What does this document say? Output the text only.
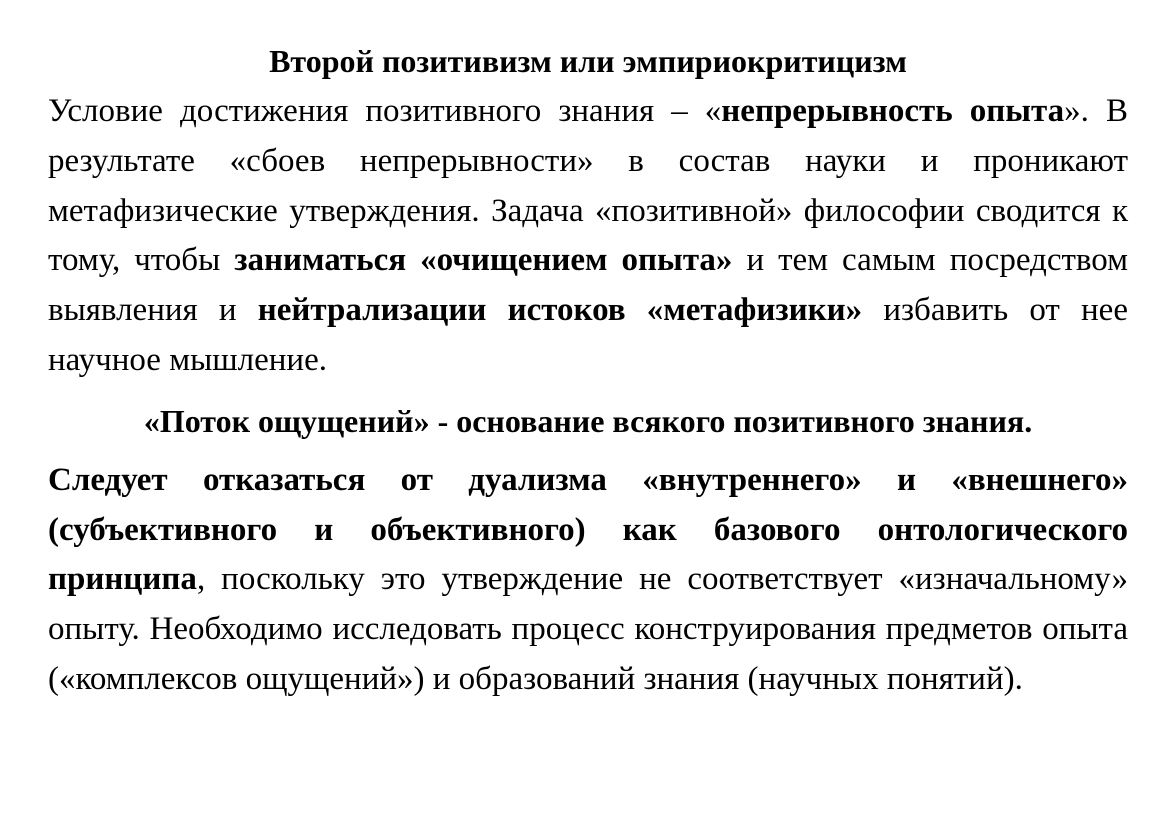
Второй позитивизм или эмпириокритицизм

Условие достижения позитивного знания – «непрерывность опыта». В результате «сбоев непрерывности» в состав науки и проникают метафизические утверждения. Задача «позитивной» философии сводится к тому, чтобы заниматься «очищением опыта» и тем самым посредством выявления и нейтрализации истоков «метафизики» избавить от нее научное мышление.

«Поток ощущений» - основание всякого позитивного знания.

Следует отказаться от дуализма «внутреннего» и «внешнего» (субъективного и объективного) как базового онтологического принципа, поскольку это утверждение не соответствует «изначальному» опыту. Необходимо исследовать процесс конструирования предметов опыта («комплексов ощущений») и образований знания (научных понятий).
